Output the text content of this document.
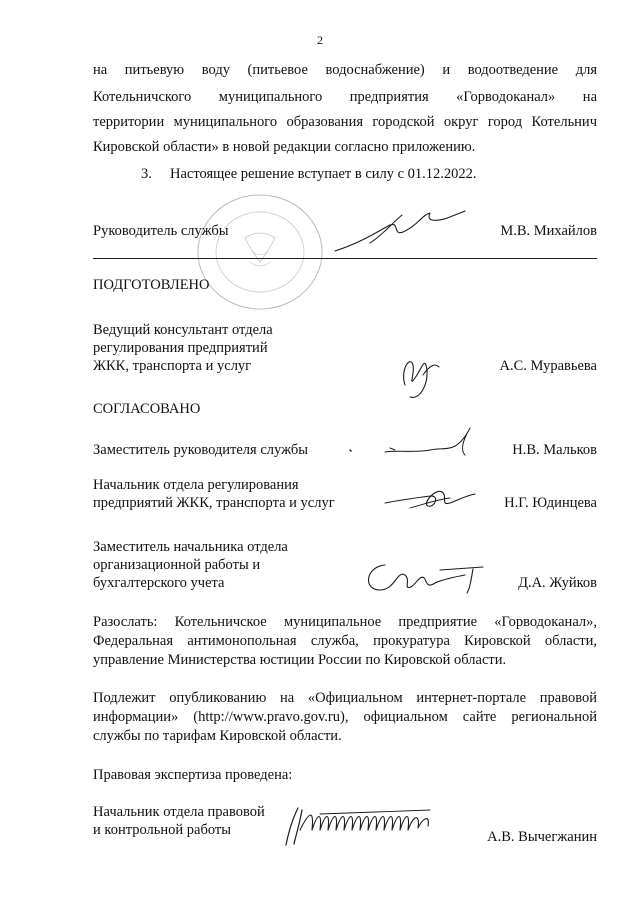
2
на питьевую воду (питьевое водоснабжение) и водоотведение для
Котельничского муниципального предприятия «Горводоканал» на
территории муниципального образования городской округ город Котельнич
Кировской области» в новой редакции согласно приложению.
3. Настоящее решение вступает в силу с 01.12.2022.
Руководитель службы	М.В. Михайлов
ПОДГОТОВЛЕНО
Ведущий консультант отдела
регулирования предприятий
ЖКК, транспорта и услуг	А.С. Муравьева
СОГЛАСОВАНО
Заместитель руководителя службы	Н.В. Мальков
Начальник отдела регулирования
предприятий ЖКК, транспорта и услуг	Н.Г. Юдинцева
Заместитель начальника отдела
организационной работы и
бухгалтерского учета	Д.А. Жуйков
Разослать: Котельничское муниципальное предприятие «Горводоканал»,
Федеральная антимонопольная служба, прокуратура Кировской области,
управление Министерства юстиции России по Кировской области.
Подлежит опубликованию на «Официальном интернет-портале правовой
информации» (http://www.pravo.gov.ru), официальном сайте региональной
службы по тарифам Кировской области.
Правовая экспертиза проведена:
Начальник отдела правовой
и контрольной работы	А.В. Вычегжанин
